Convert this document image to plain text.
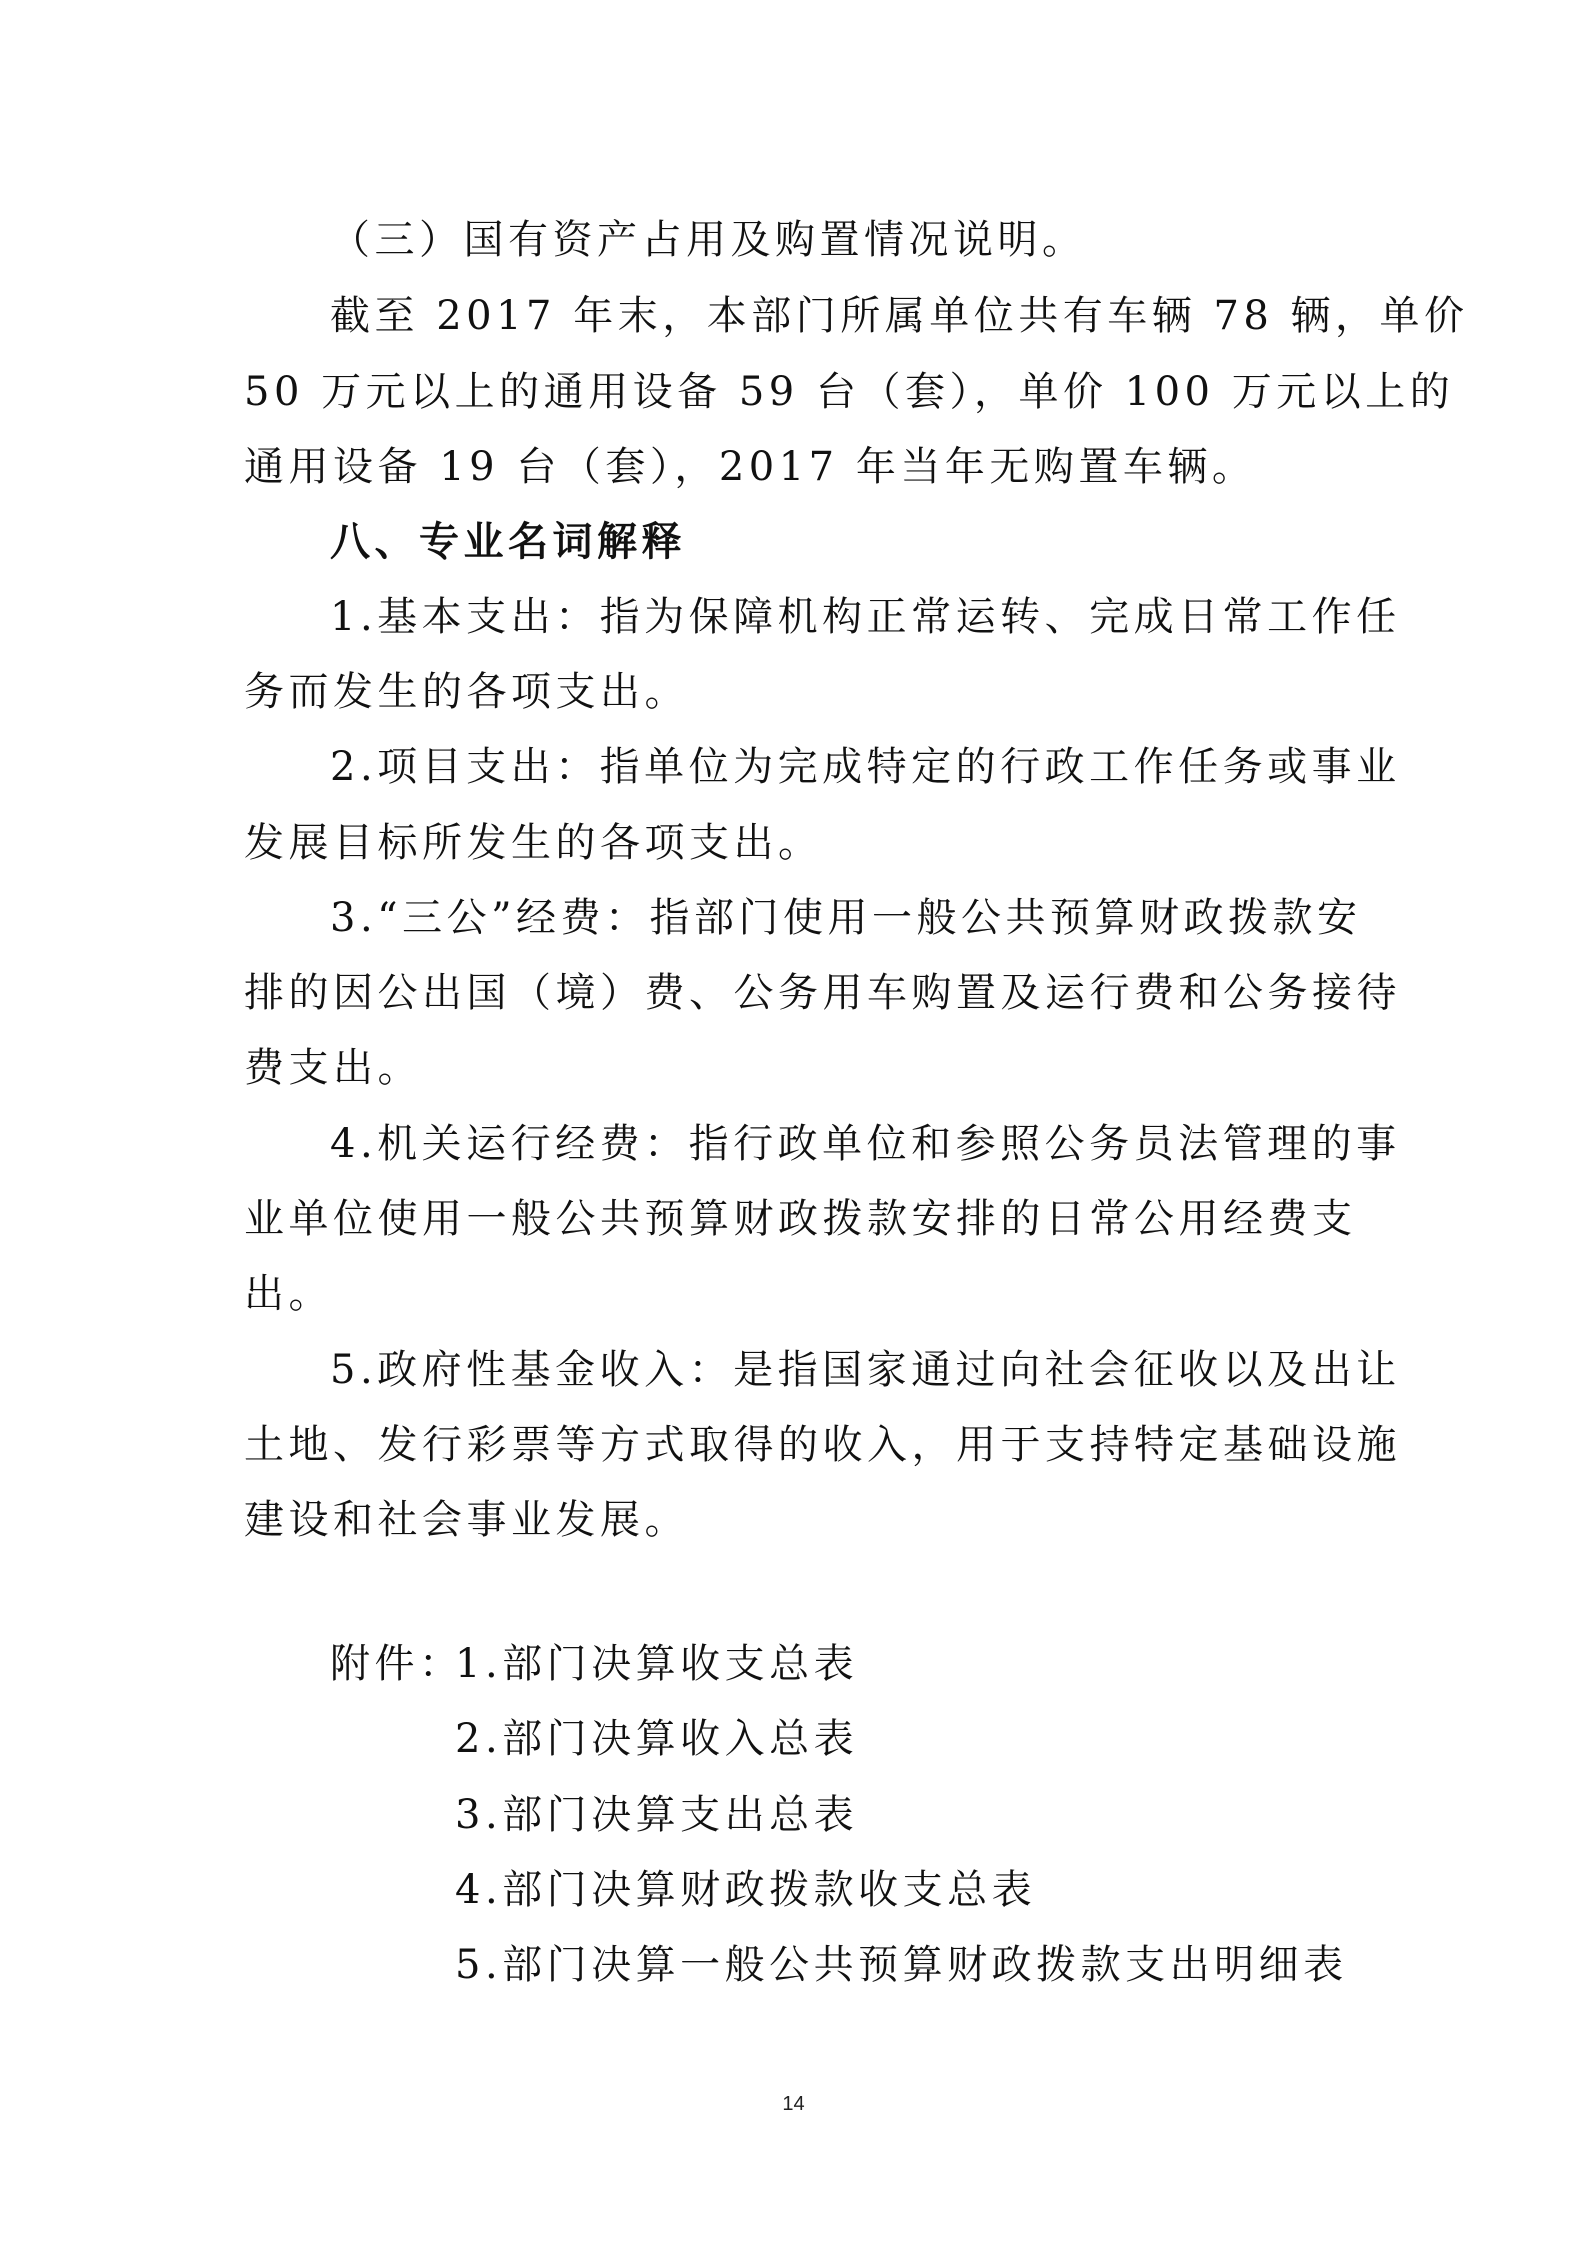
（三）国有资产占用及购置情况说明。
截至 2017 年末，本部门所属单位共有车辆 78 辆，单价
50 万元以上的通用设备 59 台（套），单价 100 万元以上的
通用设备 19 台（套），2017 年当年无购置车辆。
八、专业名词解释
1.基本支出：指为保障机构正常运转、完成日常工作任
务而发生的各项支出。
2.项目支出：指单位为完成特定的行政工作任务或事业
发展目标所发生的各项支出。
3.“三公”经费：指部门使用一般公共预算财政拨款安
排的因公出国（境）费、公务用车购置及运行费和公务接待
费支出。
4.机关运行经费：指行政单位和参照公务员法管理的事
业单位使用一般公共预算财政拨款安排的日常公用经费支
出。
5.政府性基金收入：是指国家通过向社会征收以及出让
土地、发行彩票等方式取得的收入，用于支持特定基础设施
建设和社会事业发展。
附件：
1.部门决算收支总表
2.部门决算收入总表
3.部门决算支出总表
4.部门决算财政拨款收支总表
5.部门决算一般公共预算财政拨款支出明细表
14
